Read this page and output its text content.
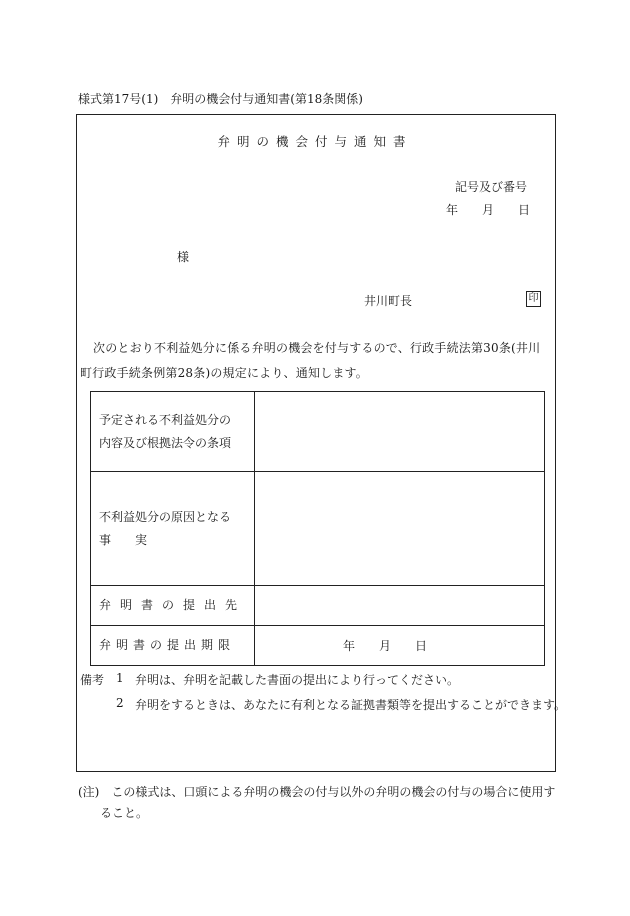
様式第17号(1)　弁明の機会付与通知書(第18条関係)
弁明の機会付与通知書
記号及び番号
年　　月　　日
様
井川町長	印
次のとおり不利益処分に係る弁明の機会を付与するので、行政手続法第30条(井川町行政手続条例第28条)の規定により、通知します。
予定される不利益処分の
内容及び根拠法令の条項	

不利益処分の原因となる
事　　実	

弁明書の提出先	
弁明書の提出期限	年　　月　　日
備考 1 弁明は、弁明を記載した書面の提出により行ってください。
2 弁明をするときは、あなたに有利となる証拠書類等を提出することができます。
(注)　この様式は、口頭による弁明の機会の付与以外の弁明の機会の付与の場合に使用すること。
